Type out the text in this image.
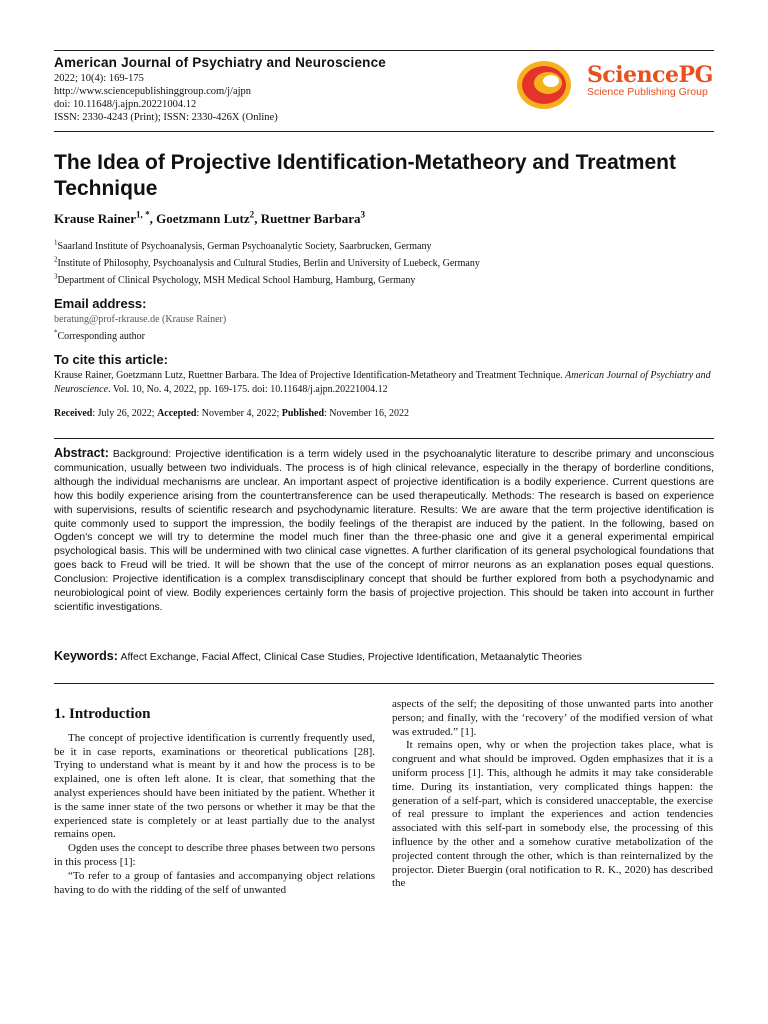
American Journal of Psychiatry and Neuroscience
2022; 10(4): 169-175
http://www.sciencepublishinggroup.com/j/ajpn
doi: 10.11648/j.ajpn.20221004.12
ISSN: 2330-4243 (Print); ISSN: 2330-426X (Online)
SciencePG
Science Publishing Group
The Idea of Projective Identification-Metatheory and Treatment Technique
Krause Rainer$^{1, *}$, Goetzmann Lutz$^2$, Ruettner Barbara$^3$
$^1$Saarland Institute of Psychoanalysis, German Psychoanalytic Society, Saarbrucken, Germany
$^2$Institute of Philosophy, Psychoanalysis and Cultural Studies, Berlin and University of Luebeck, Germany
$^3$Department of Clinical Psychology, MSH Medical School Hamburg, Hamburg, Germany
Email address:
beratung@prof-rkrause.de (Krause Rainer)
*Corresponding author
To cite this article:
Krause Rainer, Goetzmann Lutz, Ruettner Barbara. The Idea of Projective Identification-Metatheory and Treatment Technique. American Journal of Psychiatry and Neuroscience. Vol. 10, No. 4, 2022, pp. 169-175. doi: 10.11648/j.ajpn.20221004.12
Received: July 26, 2022; Accepted: November 4, 2022; Published: November 16, 2022
Abstract: Background: Projective identification is a term widely used in the psychoanalytic literature to describe primary and unconscious communication, usually between two individuals. The process is of high clinical relevance, especially in the therapy of borderline conditions, although the individual mechanisms are unclear. An important aspect of projective identification is a bodily experience. Current questions are how this bodily experience arising from the countertransference can be used therapeutically. Methods: The research is based on experience with supervisions, results of scientific research and psychodynamic literature. Results: We are aware that the term projective identification is quite commonly used to support the impression, the bodily feelings of the therapist are induced by the patient. In the following, based on Ogden's concept we will try to determine the model much finer than the three-phasic one and give it a general experimental empirical psychological basis. This will be undermined with two clinical case vignettes. A further clarification of its general psychological foundations that goes back to Freud will be tried. It will be shown that the use of the concept of mirror neurons as an explanation poses equal questions. Conclusion: Projective identification is a complex transdisciplinary concept that should be further explored from both a psychodynamic and neurobiological point of view. Bodily experiences certainly form the basis of projective projection. This should be taken into account in further scientific investigations.
Keywords: Affect Exchange, Facial Affect, Clinical Case Studies, Projective Identification, Metaanalytic Theories
1. Introduction

The concept of projective identification is currently frequently used, be it in case reports, examinations or theoretical publications [28]. Trying to understand what is meant by it and how the process is to be explained, one is often left alone. It is clear, that something that the analyst experiences should have been initiated by the patient. Whether it is the same inner state of the two persons or whether it may be that the experienced state is completely or at least partially due to the analyst remains open.

Ogden uses the concept to describe three phases between two persons in this process [1]:

“To refer to a group of fantasies and accompanying object relations having to do with the ridding of the self of unwanted

aspects of the self; the depositing of those unwanted parts into another person; and finally, with the ‘recovery’ of the modified version of what was extruded.” [1].

It remains open, why or when the projection takes place, what is congruent and what should be improved. Ogden emphasizes that it is a uniform process [1]. This, although he admits it may take considerable time. During its instantiation, very complicated things happen: the generation of a self-part, which is considered unacceptable, the exercise of real pressure to implant the experiences and action tendencies associated with this self-part in somebody else, the processing of this influence by the other and a somehow curative metabolization of the projected content through the other, which is than reinternalized by the projector. Dieter Buergin (oral notification to R. K., 2020) has described the
